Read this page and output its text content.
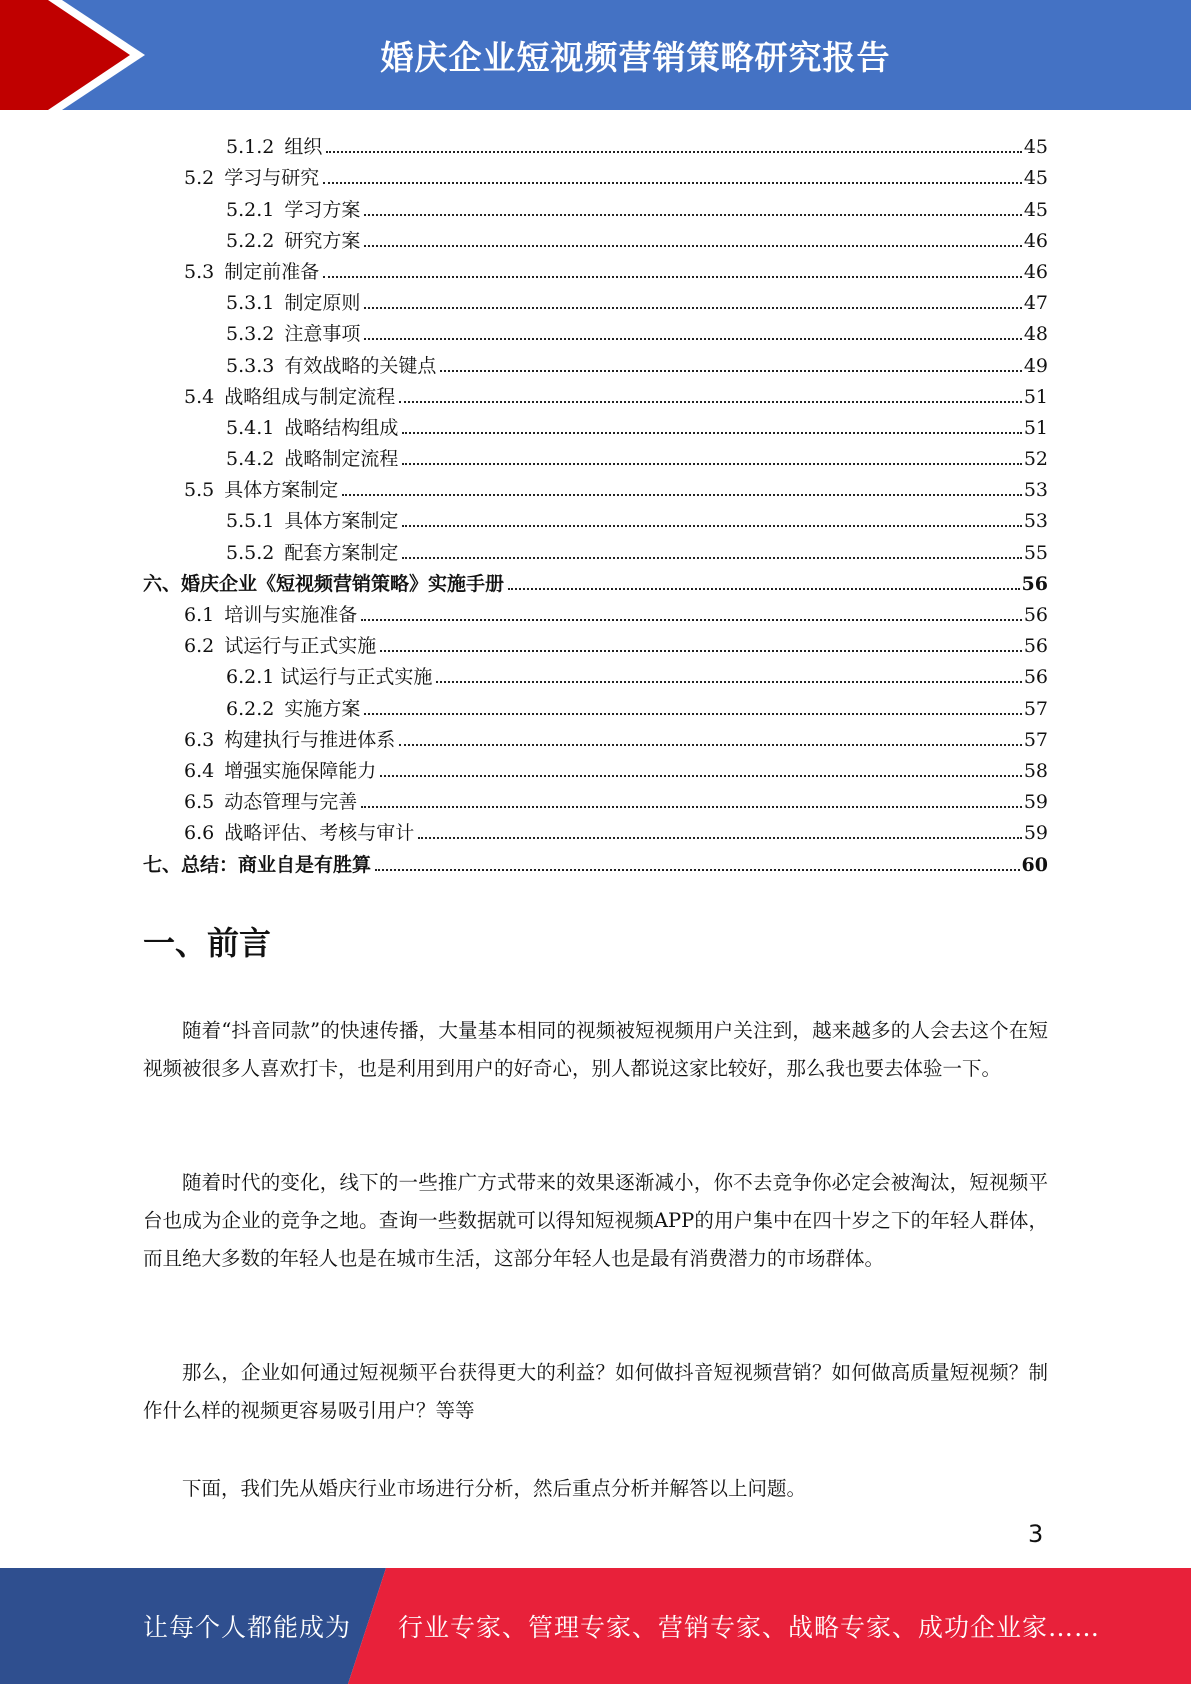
婚庆企业短视频营销策略研究报告
5.1.2 组织	45
5.2 学习与研究	45
5.2.1 学习方案	45
5.2.2 研究方案	46
5.3 制定前准备	46
5.3.1 制定原则	47
5.3.2 注意事项	48
5.3.3 有效战略的关键点	49
5.4 战略组成与制定流程	51
5.4.1 战略结构组成	51
5.4.2 战略制定流程	52
5.5 具体方案制定	53
5.5.1 具体方案制定	53
5.5.2 配套方案制定	55
六、婚庆企业《短视频营销策略》实施手册	56
6.1 培训与实施准备	56
6.2 试运行与正式实施	56
6.2.1 试运行与正式实施	56
6.2.2 实施方案	57
6.3 构建执行与推进体系	57
6.4 增强实施保障能力	58
6.5 动态管理与完善	59
6.6 战略评估、考核与审计	59
七、总结：商业自是有胜算	60
一、前言

随着“抖音同款”的快速传播，大量基本相同的视频被短视频用户关注到，越来越多的人会去这个在短视频被很多人喜欢打卡，也是利用到用户的好奇心，别人都说这家比较好，那么我也要去体验一下。

随着时代的变化，线下的一些推广方式带来的效果逐渐减小，你不去竞争你必定会被淘汰，短视频平台也成为企业的竞争之地。查询一些数据就可以得知短视频APP的用户集中在四十岁之下的年轻人群体，而且绝大多数的年轻人也是在城市生活，这部分年轻人也是最有消费潜力的市场群体。

那么，企业如何通过短视频平台获得更大的利益？如何做抖音短视频营销？如何做高质量短视频？制作什么样的视频更容易吸引用户？等等

下面，我们先从婚庆行业市场进行分析，然后重点分析并解答以上问题。

3
让每个人都能成为 行业专家、管理专家、营销专家、战略专家、成功企业家……
